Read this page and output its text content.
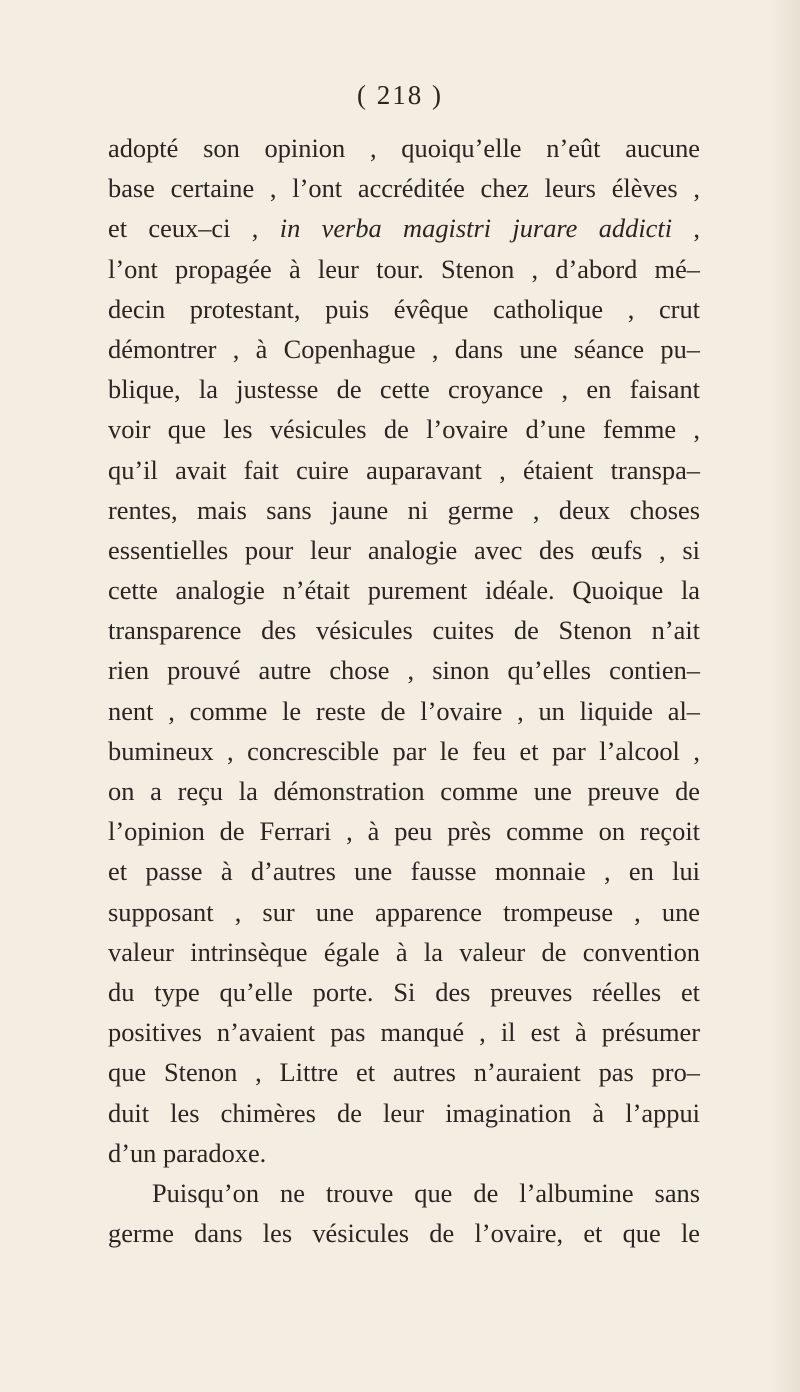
( 218 )
adopté son opinion , quoiqu’elle n’eût aucune
base certaine , l’ont accréditée chez leurs élèves ,
et ceux–ci , in verba magistri jurare addicti ,
l’ont propagée à leur tour. Stenon , d’abord mé–
decin protestant, puis évêque catholique , crut
démontrer , à Copenhague , dans une séance pu–
blique, la justesse de cette croyance , en faisant
voir que les vésicules de l’ovaire d’une femme ,
qu’il avait fait cuire auparavant , étaient transpa–
rentes, mais sans jaune ni germe , deux choses
essentielles pour leur analogie avec des œufs , si
cette analogie n’était purement idéale. Quoique la
transparence des vésicules cuites de Stenon n’ait
rien prouvé autre chose , sinon qu’elles contien–
nent , comme le reste de l’ovaire , un liquide al–
bumineux , concrescible par le feu et par l’alcool ,
on a reçu la démonstration comme une preuve de
l’opinion de Ferrari , à peu près comme on reçoit
et passe à d’autres une fausse monnaie , en lui
supposant , sur une apparence trompeuse , une
valeur intrinsèque égale à la valeur de convention
du type qu’elle porte. Si des preuves réelles et
positives n’avaient pas manqué , il est à présumer
que Stenon , Littre et autres n’auraient pas pro–
duit les chimères de leur imagination à l’appui
d’un paradoxe.
Puisqu’on ne trouve que de l’albumine sans
germe dans les vésicules de l’ovaire, et que le
